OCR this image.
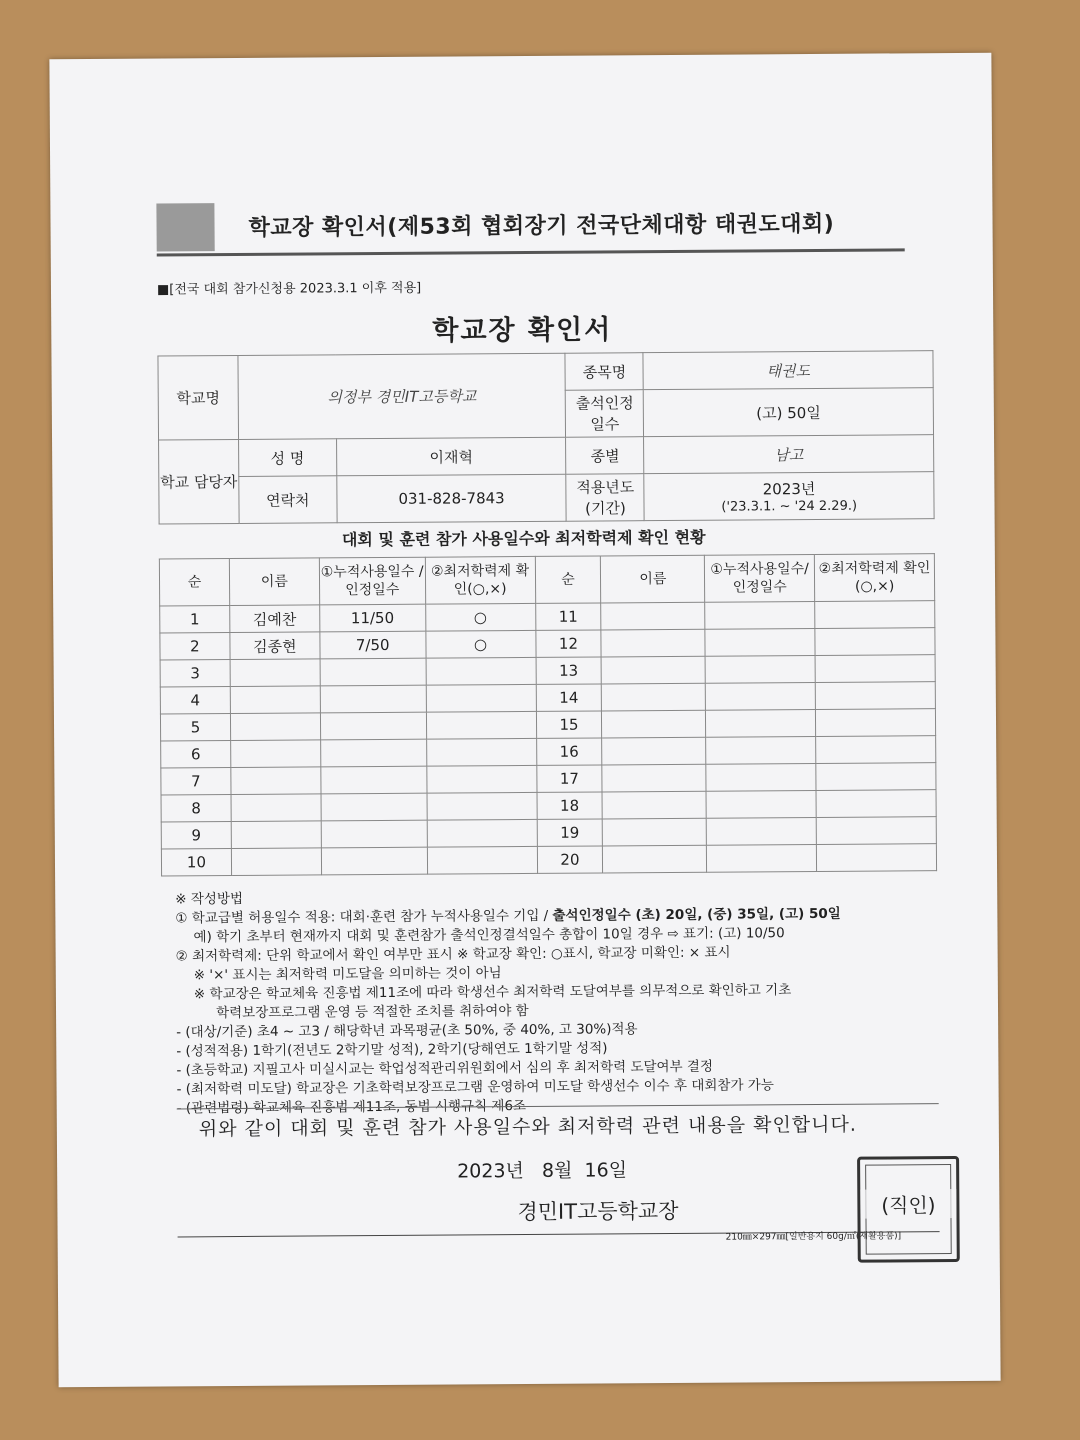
학교장 확인서(제53회 협회장기 전국단체대항 태권도대회)
■[전국 대회 참가신청용 2023.3.1 이후 적용]
학교장 확인서
학교명	의정부 경민IT고등학교		종목명	태권도
			출석인정 일수	(고) 50일
학교 담당자	성 명	이재혁	종별	남고
	연락처	031-828-7843	적용년도 (기간)	2023년
('23.3.1. ~ '24 2.29.)
대회 및 훈련 참가 사용일수와 최저학력제 확인 현황
순	이름	①누적사용일수 /인정일수	②최저학력제 확인(○,×)	순	이름	①누적사용일수/ 인정일수	②최저학력제 확인(○,×)
1	김예찬	11/50	○	11			
2	김종현	7/50	○	12			
3				13			
4				14			
5				15			
6				16			
7				17			
8				18			
9				19			
10				20			
※ 작성방법
① 학교급별 허용일수 적용: 대회·훈련 참가 누적사용일수 기입 / 출석인정일수 (초) 20일, (중) 35일, (고) 50일
예) 학기 초부터 현재까지 대회 및 훈련참가 출석인정결석일수 총합이 10일 경우 ⇨ 표기: (고) 10/50
② 최저학력제: 단위 학교에서 확인 여부만 표시 ※ 학교장 확인: ○표시, 학교장 미확인: × 표시
※ '×' 표시는 최저학력 미도달을 의미하는 것이 아님
※ 학교장은 학교체육 진흥법 제11조에 따라 학생선수 최저학력 도달여부를 의무적으로 확인하고 기초
학력보장프로그램 운영 등 적절한 조치를 취하여야 함
- (대상/기준) 초4 ~ 고3 / 해당학년 과목평균(초 50%, 중 40%, 고 30%)적용
- (성적적용) 1학기(전년도 2학기말 성적), 2학기(당해연도 1학기말 성적)
- (초등학교) 지필고사 미실시교는 학업성적관리위원회에서 심의 후 최저학력 도달여부 결정
- (최저학력 미도달) 학교장은 기초학력보장프로그램 운영하여 미도달 학생선수 이수 후 대회참가 가능
- (관련법령) 학교체육 진흥법 제11조, 동법 시행규칙 제6조
위와 같이 대회 및 훈련 참가 사용일수와 최저학력 관련 내용을 확인합니다.
2023년   8월  16일
경민IT고등학교장
210㎜×297㎜[일반용지 60g/㎡(재활용품)]
(직인)
